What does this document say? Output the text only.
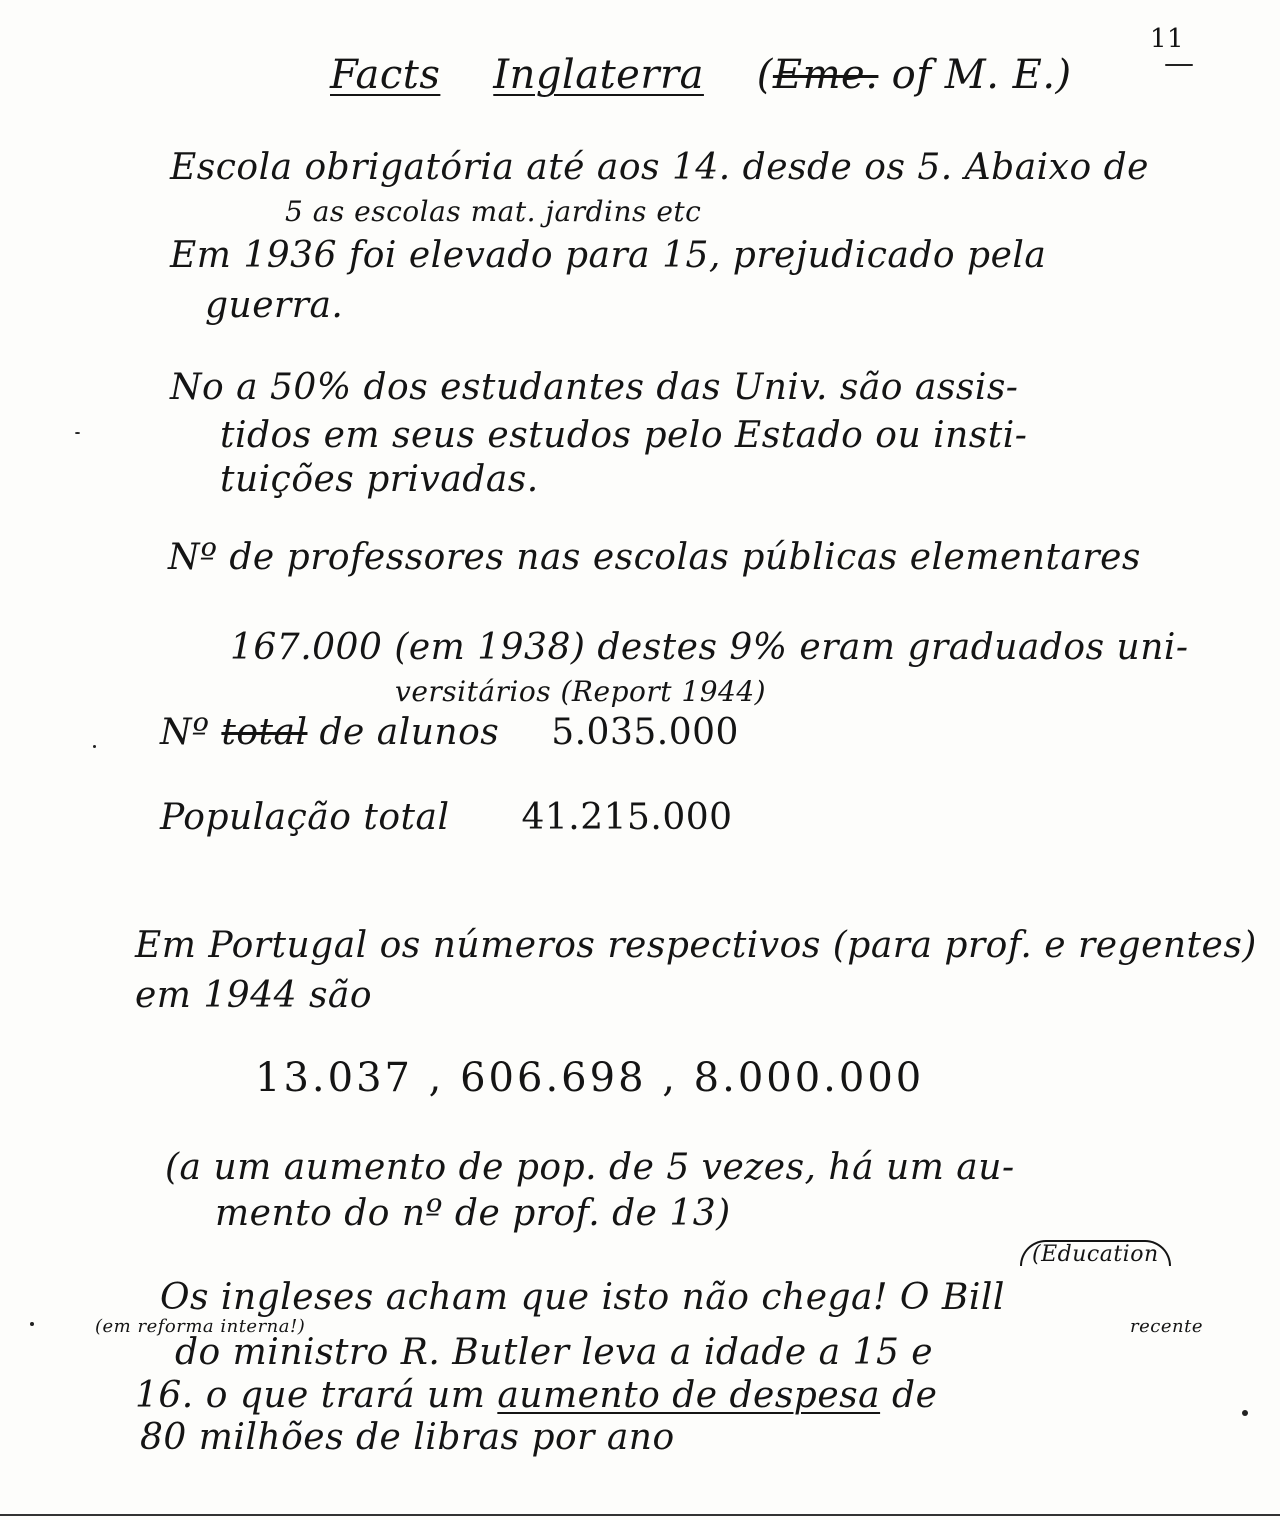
11
Facts Inglaterra (Eme. of M. E.)
Escola obrigatória até aos 14. desde os 5. Abaixo de
5 as escolas mat. jardins etc
Em 1936 foi elevado para 15, prejudicado pela
guerra.
No a 50% dos estudantes das Univ. são assis-
tidos em seus estudos pelo Estado ou insti-
tuições privadas.
Nº de professores nas escolas públicas elementares
167.000 (em 1938) destes 9% eram graduados uni-
versitários (Report 1944)
Nº total de alunos 5.035.000
População total 41.215.000
Em Portugal os números respectivos (para prof. e regentes)
em 1944 são
13.037 , 606.698 , 8.000.000
(a um aumento de pop. de 5 vezes, há um au-
mento do nº de prof. de 13)
(Education
recente
(em reforma interna!)
Os ingleses acham que isto não chega! O Bill
do ministro R. Butler leva a idade a 15 e
16. o que trará um aumento de despesa de
80 milhões de libras por ano
